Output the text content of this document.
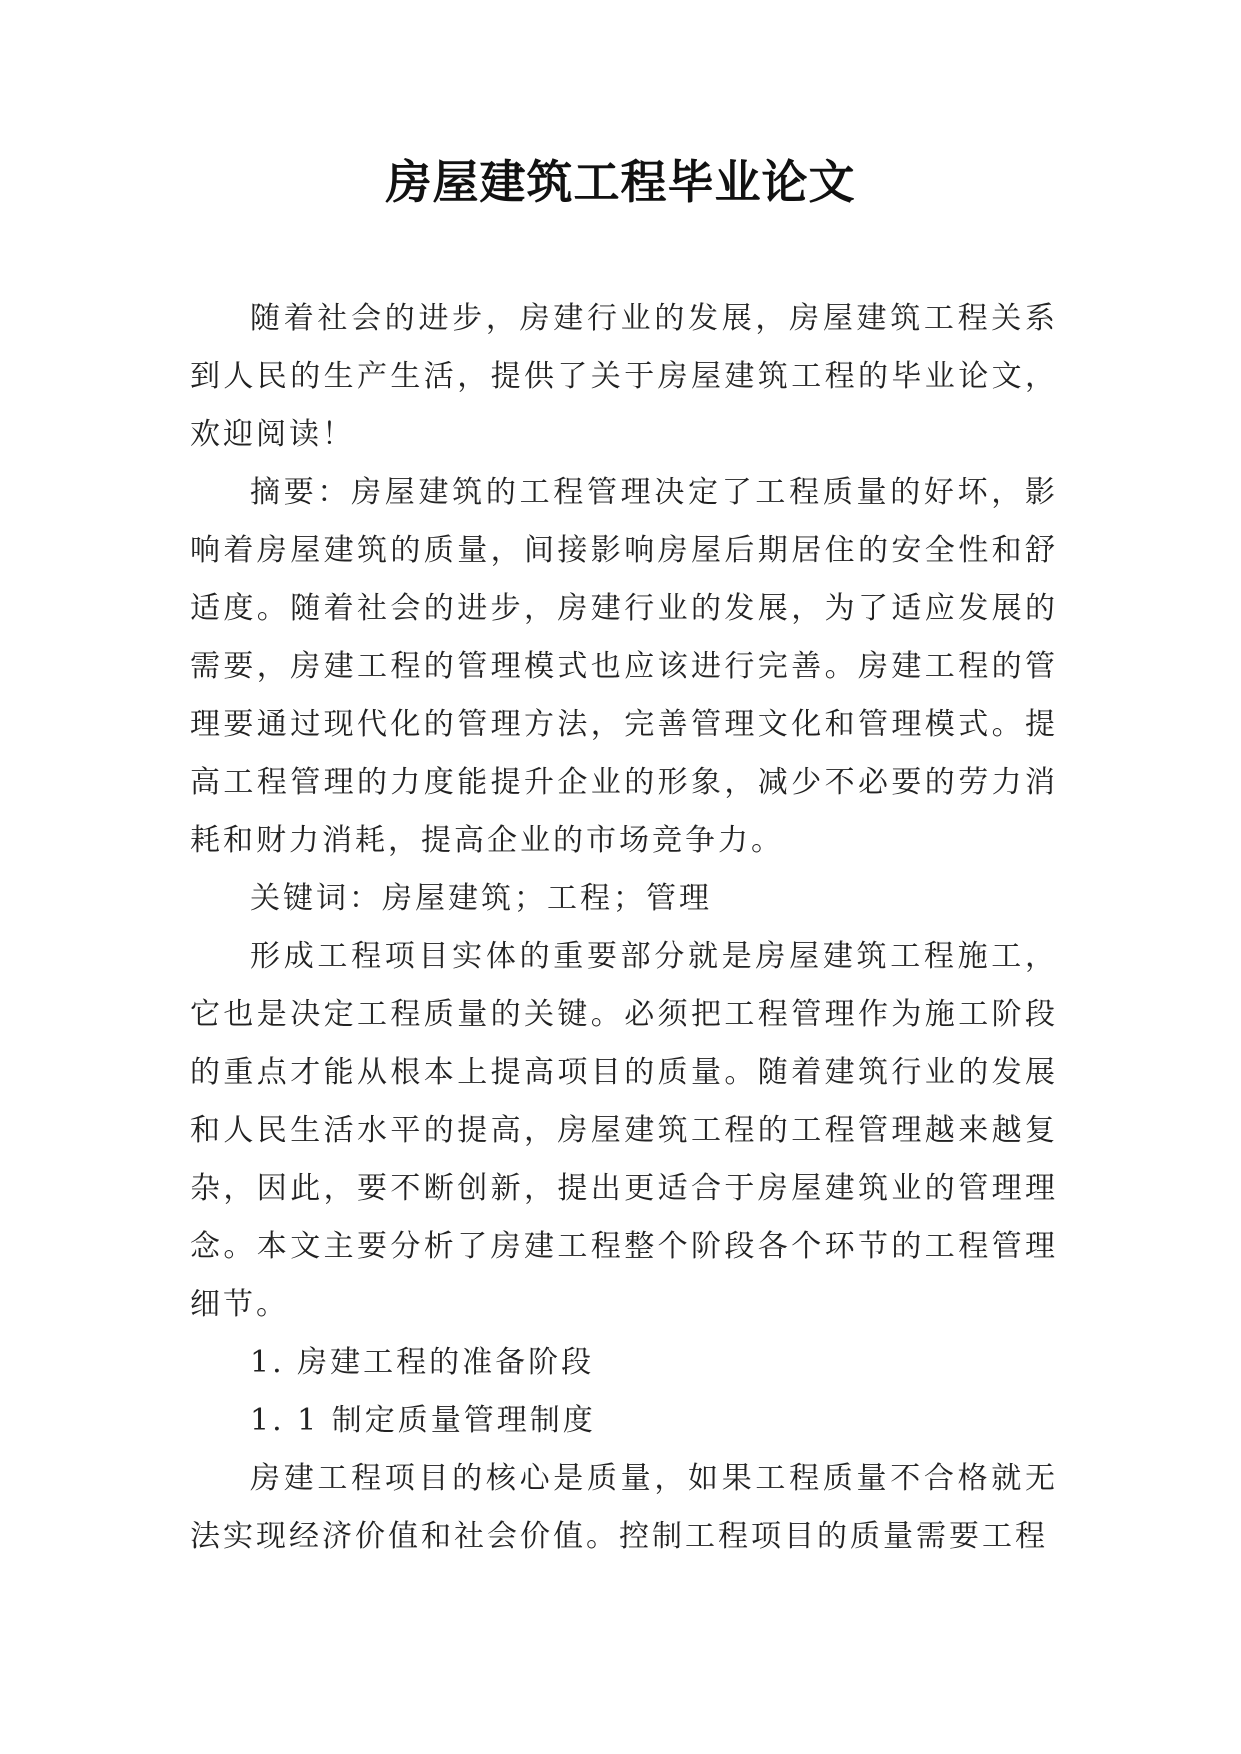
房屋建筑工程毕业论文

随着社会的进步，房建行业的发展，房屋建筑工程关系到人民的生产生活，提供了关于房屋建筑工程的毕业论文，欢迎阅读！

摘要：房屋建筑的工程管理决定了工程质量的好坏，影响着房屋建筑的质量，间接影响房屋后期居住的安全性和舒适度。随着社会的进步，房建行业的发展，为了适应发展的需要，房建工程的管理模式也应该进行完善。房建工程的管理要通过现代化的管理方法，完善管理文化和管理模式。提高工程管理的力度能提升企业的形象，减少不必要的劳力消耗和财力消耗，提高企业的市场竞争力。

关键词：房屋建筑；工程；管理

形成工程项目实体的重要部分就是房屋建筑工程施工，它也是决定工程质量的关键。必须把工程管理作为施工阶段的重点才能从根本上提高项目的质量。随着建筑行业的发展和人民生活水平的提高，房屋建筑工程的工程管理越来越复杂，因此，要不断创新，提出更适合于房屋建筑业的管理理念。本文主要分析了房建工程整个阶段各个环节的工程管理细节。

1. 房建工程的准备阶段

1. 1 制定质量管理制度

房建工程项目的核心是质量，如果工程质量不合格就无法实现经济价值和社会价值。控制工程项目的质量需要工程
